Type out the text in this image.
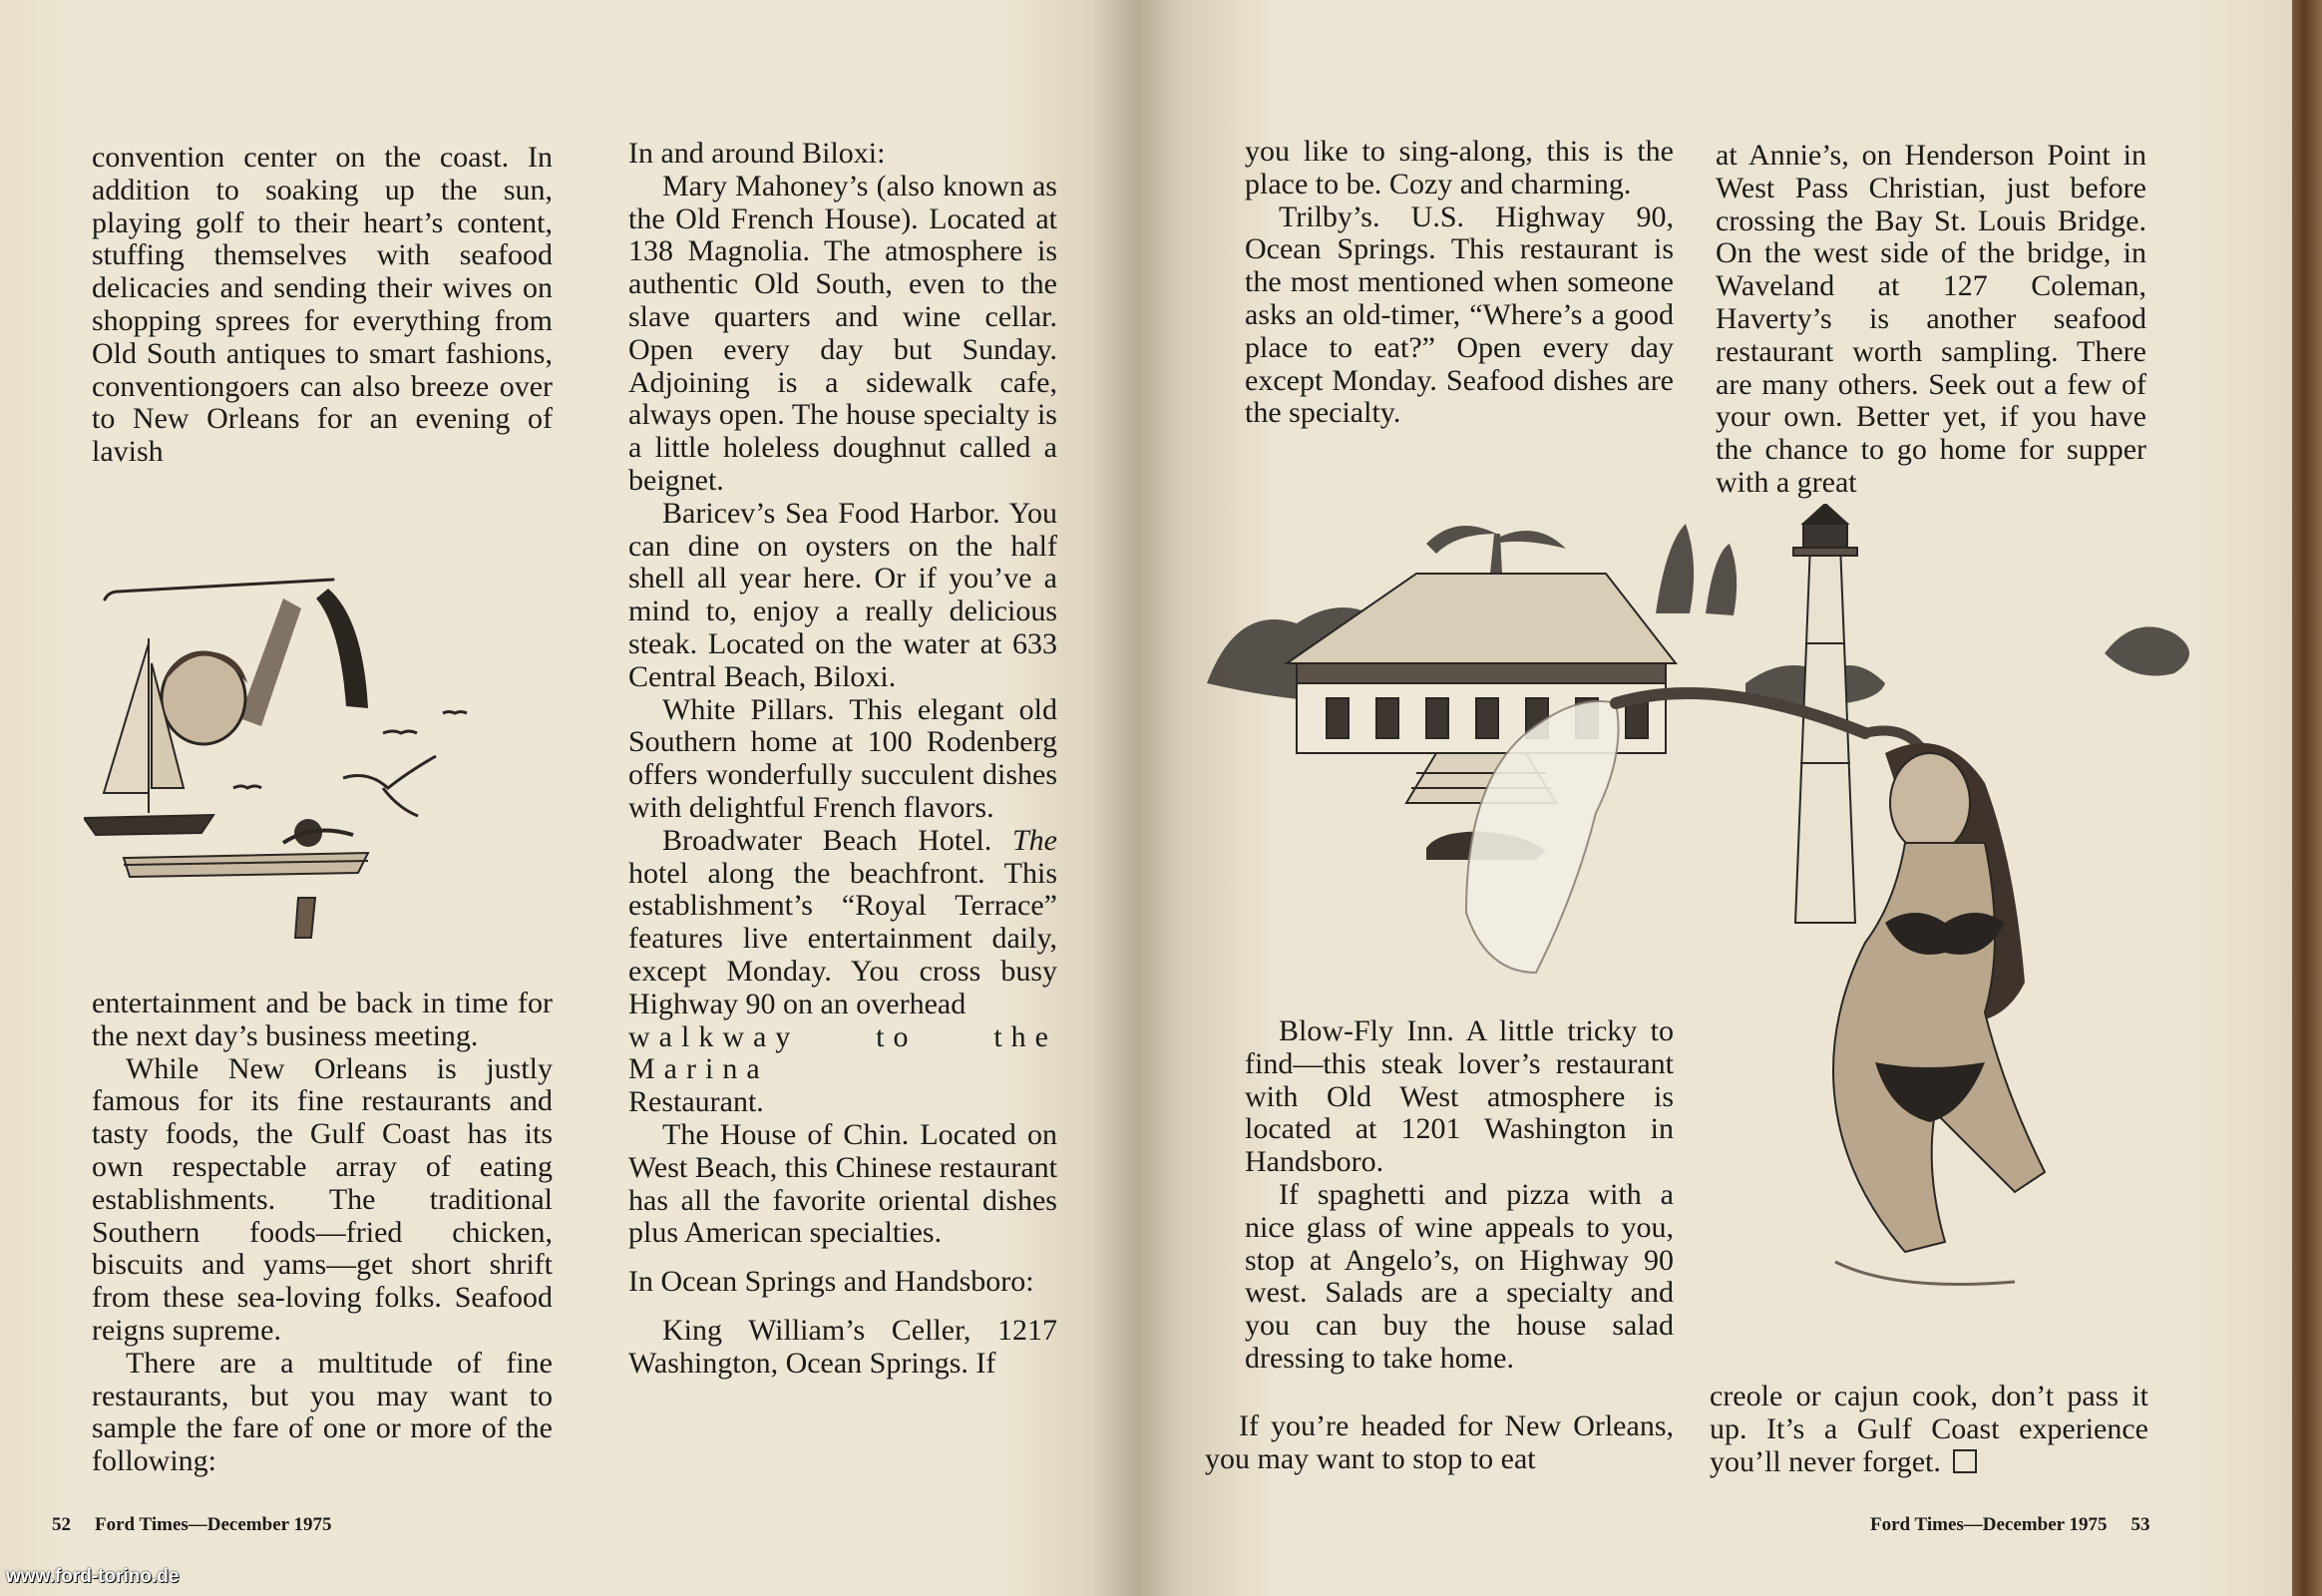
convention center on the coast. In addition to soaking up the sun, playing golf to their heart’s content, stuffing themselves with seafood delicacies and sending their wives on shopping sprees for everything from Old South antiques to smart fashions, conventiongoers can also breeze over to New Orleans for an evening of lavish

entertainment and be back in time for the next day’s business meeting.

While New Orleans is justly famous for its fine restaurants and tasty foods, the Gulf Coast has its own respectable array of eating establishments. The traditional Southern foods—fried chicken, biscuits and yams—get short shrift from these sea-loving folks. Seafood reigns supreme.

There are a multitude of fine restaurants, but you may want to sample the fare of one or more of the following:

In and around Biloxi:

Mary Mahoney’s (also known as the Old French House). Located at 138 Magnolia. The atmosphere is authentic Old South, even to the slave quarters and wine cellar. Open every day but Sunday. Adjoining is a sidewalk cafe, always open. The house specialty is a little holeless doughnut called a beignet.

Baricev’s Sea Food Harbor. You can dine on oysters on the half shell all year here. Or if you’ve a mind to, enjoy a really delicious steak. Located on the water at 633 Central Beach, Biloxi.

White Pillars. This elegant old Southern home at 100 Rodenberg offers wonderfully succulent dishes with delightful French flavors.

Broadwater Beach Hotel. The hotel along the beachfront. This establishment’s “Royal Terrace” features live entertainment daily, except Monday. You cross busy Highway 90 on an overhead

walkway to the Marina

Restaurant.

The House of Chin. Located on West Beach, this Chinese restaurant has all the favorite oriental dishes plus American specialties.

In Ocean Springs and Handsboro:

King William’s Celler, 1217 Washington, Ocean Springs. If

52 Ford Times—December 1975

you like to sing-along, this is the place to be. Cozy and charming.

Trilby’s. U.S. Highway 90, Ocean Springs. This restaurant is the most mentioned when someone asks an old-timer, “Where’s a good place to eat?” Open every day except Monday. Seafood dishes are the specialty.

at Annie’s, on Henderson Point in West Pass Christian, just before crossing the Bay St. Louis Bridge. On the west side of the bridge, in Waveland at 127 Coleman, Haverty’s is another seafood restaurant worth sampling. There are many others. Seek out a few of your own. Better yet, if you have the chance to go home for supper with a great

Blow-Fly Inn. A little tricky to find—this steak lover’s restaurant with Old West atmosphere is located at 1201 Washington in Handsboro.

If spaghetti and pizza with a nice glass of wine appeals to you, stop at Angelo’s, on Highway 90 west. Salads are a specialty and you can buy the house salad dressing to take home.

If you’re headed for New Orleans, you may want to stop to eat

creole or cajun cook, don’t pass it up. It’s a Gulf Coast experience you’ll never forget.

Ford Times—December 1975 53
www.ford-torino.de
